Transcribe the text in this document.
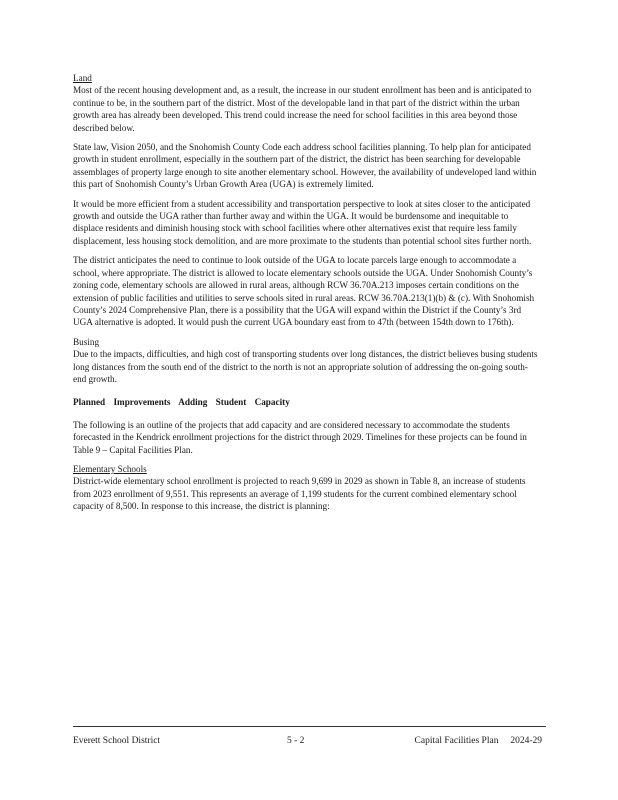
Land

Most of the recent housing development and, as a result, the increase in our student enrollment has been and is anticipated to continue to be, in the southern part of the district. Most of the developable land in that part of the district within the urban growth area has already been developed. This trend could increase the need for school facilities in this area beyond those described below.

State law, Vision 2050, and the Snohomish County Code each address school facilities planning. To help plan for anticipated growth in student enrollment, especially in the southern part of the district, the district has been searching for developable assemblages of property large enough to site another elementary school. However, the availability of undeveloped land within this part of Snohomish County’s Urban Growth Area (UGA) is extremely limited.

It would be more efficient from a student accessibility and transportation perspective to look at sites closer to the anticipated growth and outside the UGA rather than further away and within the UGA. It would be burdensome and inequitable to displace residents and diminish housing stock with school facilities where other alternatives exist that require less family displacement, less housing stock demolition, and are more proximate to the students than potential school sites further north.

The district anticipates the need to continue to look outside of the UGA to locate parcels large enough to accommodate a school, where appropriate. The district is allowed to locate elementary schools outside the UGA. Under Snohomish County’s zoning code, elementary schools are allowed in rural areas, although RCW 36.70A.213 imposes certain conditions on the extension of public facilities and utilities to serve schools sited in rural areas. RCW 36.70A.213(1)(b) & (c). With Snohomish County’s 2024 Comprehensive Plan, there is a possibility that the UGA will expand within the District if the County’s 3rd UGA alternative is adopted. It would push the current UGA boundary east from to 47th (between 154th down to 176th).

Busing

Due to the impacts, difficulties, and high cost of transporting students over long distances, the district believes busing students long distances from the south end of the district to the north is not an appropriate solution of addressing the on-going south-end growth.

Planned Improvements Adding Student Capacity

The following is an outline of the projects that add capacity and are considered necessary to accommodate the students forecasted in the Kendrick enrollment projections for the district through 2029. Timelines for these projects can be found in Table 9 – Capital Facilities Plan.

Elementary Schools

District-wide elementary school enrollment is projected to reach 9,699 in 2029 as shown in Table 8, an increase of students from 2023 enrollment of 9,551. This represents an average of 1,199 students for the current combined elementary school capacity of 8,500. In response to this increase, the district is planning:

Everett School District	5 - 2	Capital Facilities Plan     2024-29
